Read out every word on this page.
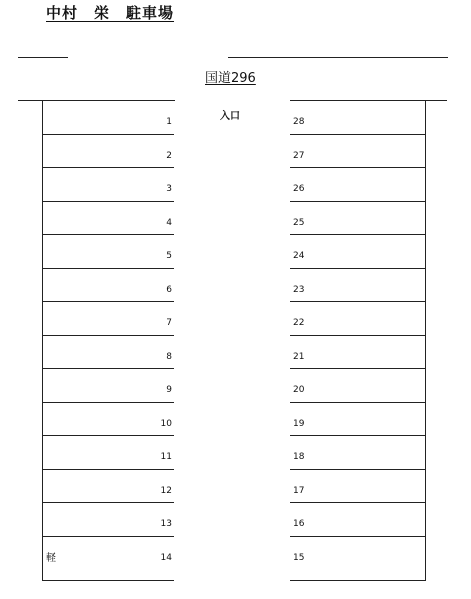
中村　栄　駐車場
国道296
入口
1
2
3
4
5
6
7
8
9
10
11
12
13
14
軽
28
27
26
25
24
23
22
21
20
19
18
17
16
15
